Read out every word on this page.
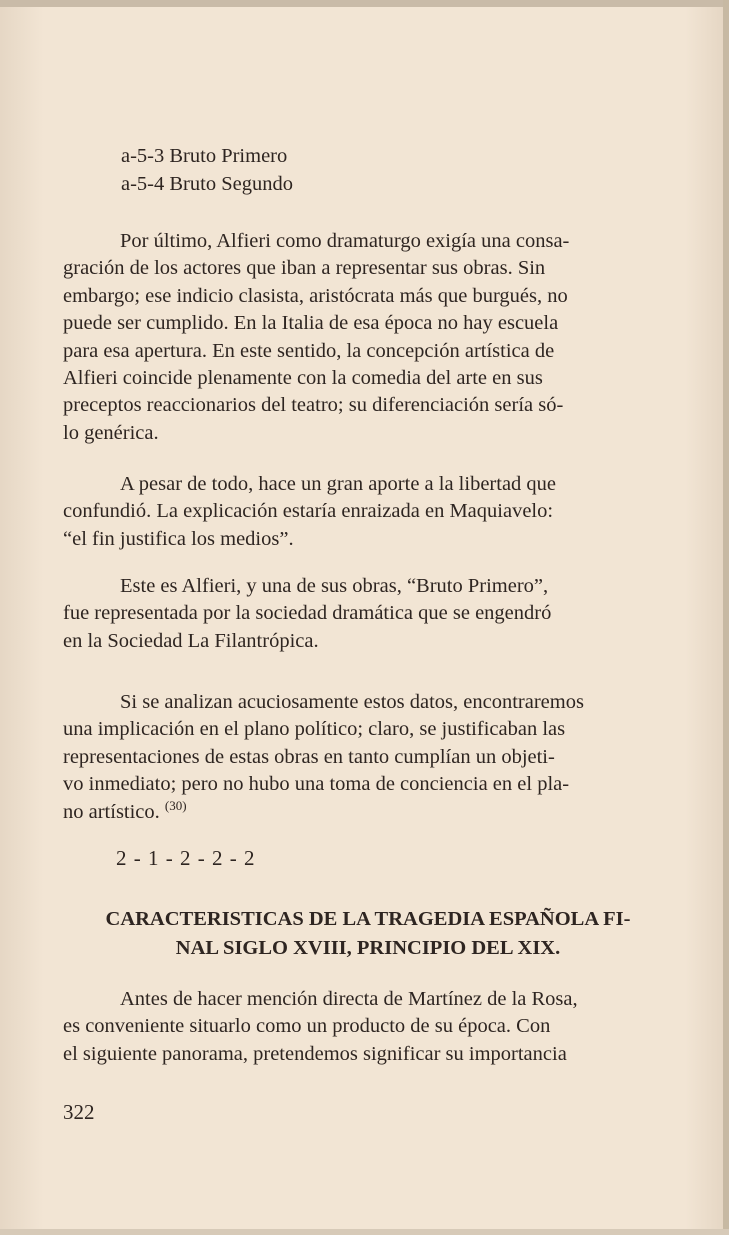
a-5-3 Bruto Primero
a-5-4 Bruto Segundo
Por último, Alfieri como dramaturgo exigía una consa-
gración de los actores que iban a representar sus obras. Sin
embargo; ese indicio clasista, aristócrata más que burgués, no
puede ser cumplido. En la Italia de esa época no hay escuela
para esa apertura. En este sentido, la concepción artística de
Alfieri coincide plenamente con la comedia del arte en sus
preceptos reaccionarios del teatro; su diferenciación sería só-
lo genérica.
A pesar de todo, hace un gran aporte a la libertad que
confundió. La explicación estaría enraizada en Maquiavelo:
“el fin justifica los medios”.
Este es Alfieri, y una de sus obras, “Bruto Primero”,
fue representada por la sociedad dramática que se engendró
en la Sociedad La Filantrópica.
Si se analizan acuciosamente estos datos, encontraremos
una implicación en el plano político; claro, se justificaban las
representaciones de estas obras en tanto cumplían un objeti-
vo inmediato; pero no hubo una toma de conciencia en el pla-
no artístico. $^{(30)}$
2 - 1 - 2 - 2 - 2
CARACTERISTICAS DE LA TRAGEDIA ESPAÑOLA FI-
NAL SIGLO XVIII, PRINCIPIO DEL XIX.
Antes de hacer mención directa de Martínez de la Rosa,
es conveniente situarlo como un producto de su época. Con
el siguiente panorama, pretendemos significar su importancia
322
